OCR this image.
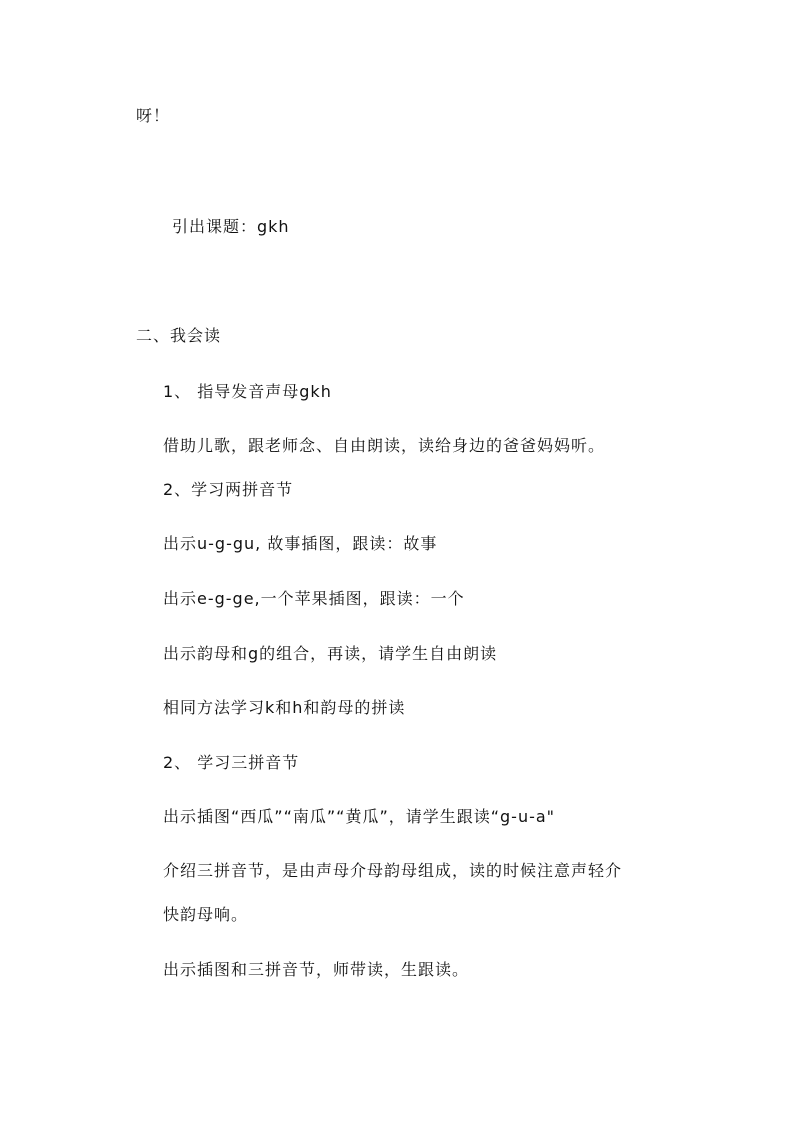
呀！
引出课题：gkh
二、我会读
1、 指导发音声母gkh
借助儿歌，跟老师念、自由朗读，读给身边的爸爸妈妈听。
2、学习两拼音节
出示u-g-gu, 故事插图，跟读：故事
出示e-g-ge,一个苹果插图，跟读：一个
出示韵母和g的组合，再读，请学生自由朗读
相同方法学习k和h和韵母的拼读
2、 学习三拼音节
出示插图“西瓜”“南瓜”“黄瓜”，请学生跟读“g-u-a"
介绍三拼音节，是由声母介母韵母组成，读的时候注意声轻介
快韵母响。
出示插图和三拼音节，师带读，生跟读。
